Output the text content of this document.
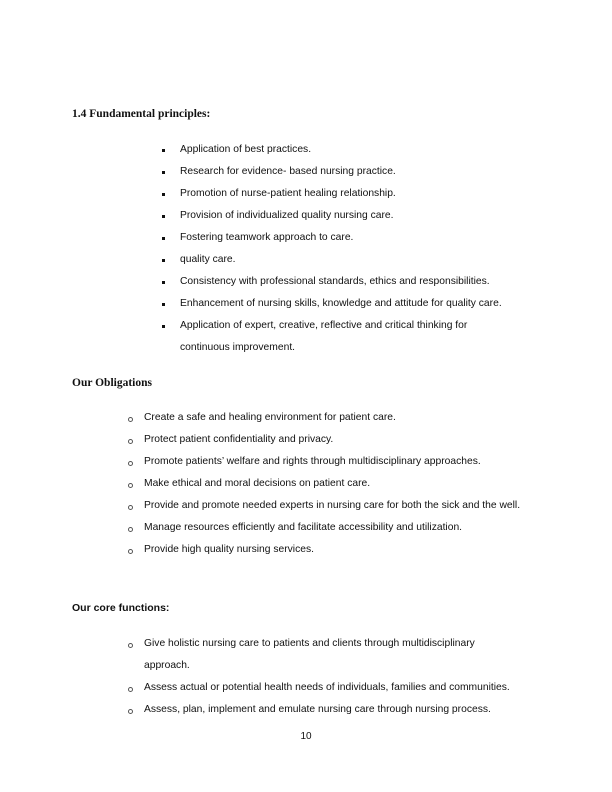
1.4 Fundamental principles:
Application of best practices.
Research for evidence- based nursing practice.
Promotion of nurse-patient healing relationship.
Provision of individualized quality nursing care.
Fostering teamwork approach to care.
quality care.
Consistency with professional standards, ethics and responsibilities.
Enhancement of nursing skills, knowledge and attitude for quality care.
Application of expert, creative, reflective and critical thinking for continuous improvement.
Our Obligations
Create a safe and healing environment for patient care.
Protect patient confidentiality and privacy.
Promote patients’ welfare and rights through multidisciplinary approaches.
Make ethical and moral decisions on patient care.
Provide and promote needed experts in nursing care for both the sick and the well.
Manage resources efficiently and facilitate accessibility and utilization.
Provide high quality nursing services.
Our core functions:
Give holistic nursing care to patients and clients through multidisciplinary approach.
Assess actual or potential health needs of individuals, families and communities.
Assess, plan, implement and emulate nursing care through nursing process.
10
